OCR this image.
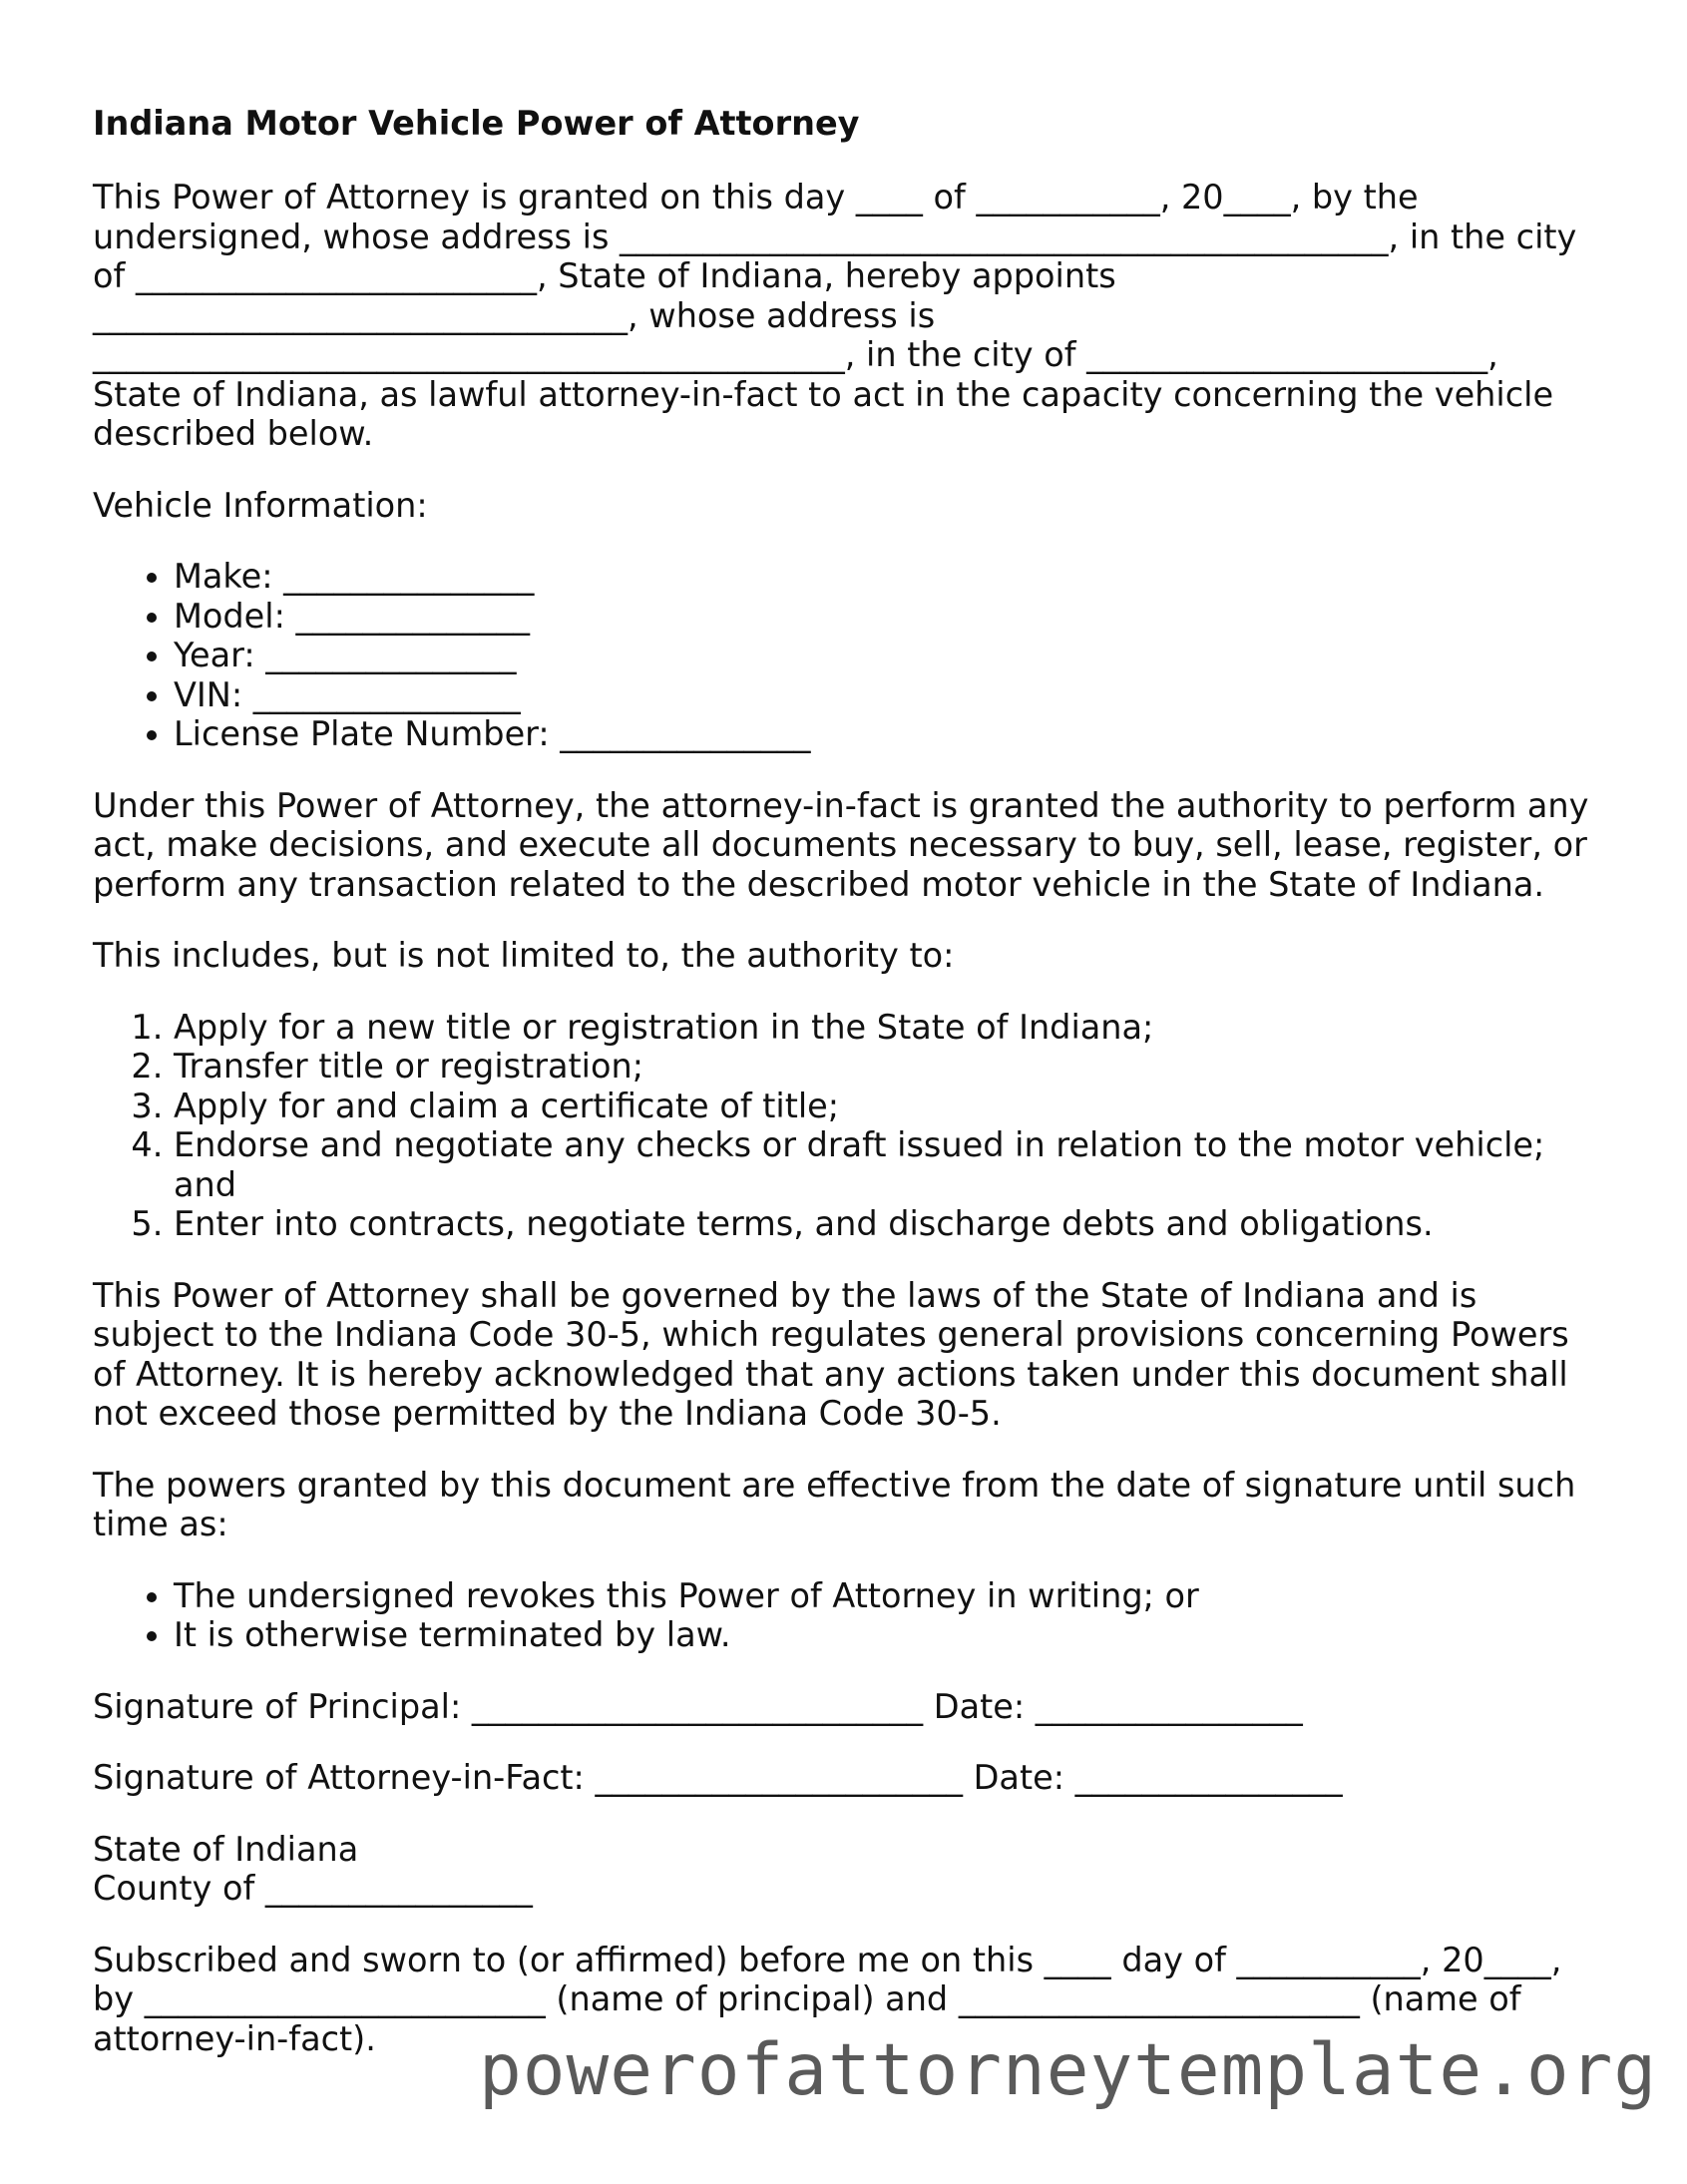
Indiana Motor Vehicle Power of Attorney

This Power of Attorney is granted on this day ____ of ___________, 20____, by the undersigned, whose address is ______________________________________________, in the city of ________________________, State of Indiana, hereby appoints ________________________________, whose address is _____________________________________________, in the city of ________________________, State of Indiana, as lawful attorney-in-fact to act in the capacity concerning the vehicle described below.

Vehicle Information:

• Make: _______________
• Model: ______________
• Year: _______________
• VIN: ________________
• License Plate Number: _______________

Under this Power of Attorney, the attorney-in-fact is granted the authority to perform any act, make decisions, and execute all documents necessary to buy, sell, lease, register, or perform any transaction related to the described motor vehicle in the State of Indiana.

This includes, but is not limited to, the authority to:

1. Apply for a new title or registration in the State of Indiana;
2. Transfer title or registration;
3. Apply for and claim a certificate of title;
4. Endorse and negotiate any checks or draft issued in relation to the motor vehicle; and
5. Enter into contracts, negotiate terms, and discharge debts and obligations.

This Power of Attorney shall be governed by the laws of the State of Indiana and is subject to the Indiana Code 30-5, which regulates general provisions concerning Powers of Attorney. It is hereby acknowledged that any actions taken under this document shall not exceed those permitted by the Indiana Code 30-5.

The powers granted by this document are effective from the date of signature until such time as:

• The undersigned revokes this Power of Attorney in writing; or
• It is otherwise terminated by law.

Signature of Principal: ___________________________ Date: ________________

Signature of Attorney-in-Fact: ______________________ Date: ________________

State of Indiana
County of ________________

Subscribed and sworn to (or affirmed) before me on this ____ day of ___________, 20____, by ________________________ (name of principal) and ________________________ (name of attorney-in-fact).	powerofattorneytemplate.org
